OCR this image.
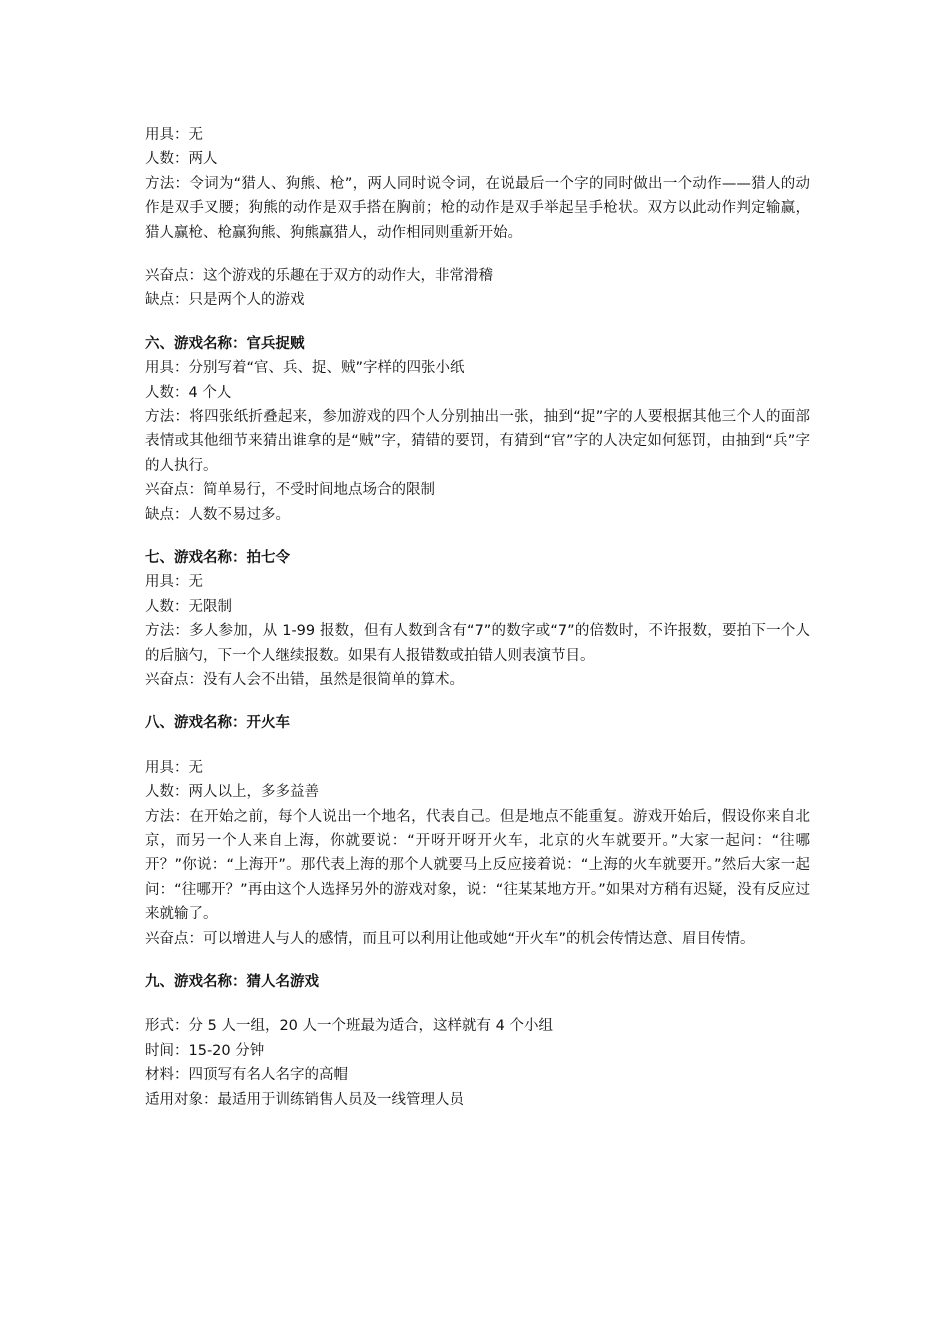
用具：无
人数：两人
方法：令词为“猎人、狗熊、枪”，两人同时说令词，在说最后一个字的同时做出一个动作——猎人的动作是双手叉腰；狗熊的动作是双手搭在胸前；枪的动作是双手举起呈手枪状。双方以此动作判定输赢，猎人赢枪、枪赢狗熊、狗熊赢猎人，动作相同则重新开始。
兴奋点：这个游戏的乐趣在于双方的动作大，非常滑稽
缺点：只是两个人的游戏
六、游戏名称：官兵捉贼
用具：分别写着“官、兵、捉、贼”字样的四张小纸
人数：4 个人
方法：将四张纸折叠起来，参加游戏的四个人分别抽出一张，抽到“捉”字的人要根据其他三个人的面部表情或其他细节来猜出谁拿的是“贼”字，猜错的要罚，有猜到“官”字的人决定如何惩罚，由抽到“兵”字的人执行。
兴奋点：简单易行，不受时间地点场合的限制
缺点：人数不易过多。
七、游戏名称：拍七令
用具：无
人数：无限制
方法：多人参加，从 1-99 报数，但有人数到含有“7”的数字或“7”的倍数时，不许报数，要拍下一个人的后脑勺，下一个人继续报数。如果有人报错数或拍错人则表演节目。
兴奋点：没有人会不出错，虽然是很简单的算术。
八、游戏名称：开火车
用具：无
人数：两人以上，多多益善
方法：在开始之前，每个人说出一个地名，代表自己。但是地点不能重复。游戏开始后，假设你来自北京，而另一个人来自上海，你就要说：“开呀开呀开火车，北京的火车就要开。”大家一起问：“往哪开？”你说：“上海开”。那代表上海的那个人就要马上反应接着说：“上海的火车就要开。”然后大家一起问：“往哪开？”再由这个人选择另外的游戏对象，说：“往某某地方开。”如果对方稍有迟疑，没有反应过来就输了。
兴奋点：可以增进人与人的感情，而且可以利用让他或她“开火车”的机会传情达意、眉目传情。
九、游戏名称：猜人名游戏
形式：分 5 人一组，20 人一个班最为适合，这样就有 4 个小组
时间：15-20 分钟
材料：四顶写有名人名字的高帽
适用对象：最适用于训练销售人员及一线管理人员
